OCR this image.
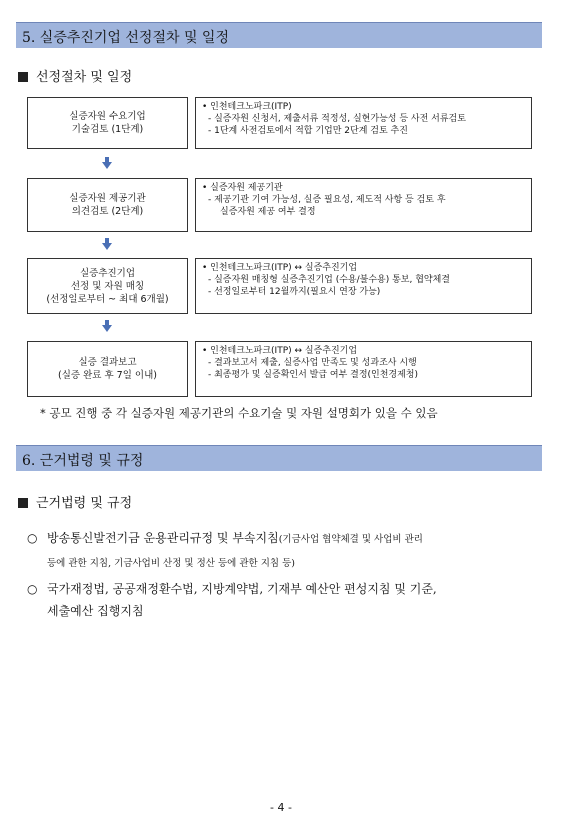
5. 실증추진기업 선정절차 및 일정
선정절차 및 일정
실증자원 수요기업
기술검토 (1단계)
• 인천테크노파크(ITP)
- 실증자원 신청서, 제출서류 적정성, 실현가능성 등 사전 서류검토
- 1단계 사전검토에서 적합 기업만 2단계 검토 추진
실증자원 제공기관
의견검토 (2단계)
• 실증자원 제공기관
- 제공기관 기여 가능성, 실증 필요성, 제도적 사항 등 검토 후
실증자원 제공 여부 결정
실증추진기업
선정 및 자원 매칭
(선정일로부터 ~ 최대 6개월)
• 인천테크노파크(ITP) ↔ 실증추진기업
- 실증자원 매칭형 실증추진기업 (수용/불수용) 통보, 협약체결
- 선정일로부터 12월까지(필요시 연장 가능)
실증 결과보고
(실증 완료 후 7일 이내)
• 인천테크노파크(ITP) ↔ 실증추진기업
- 결과보고서 제출, 실증사업 만족도 및 성과조사 시행
- 최종평가 및 실증확인서 발급 여부 결정(인천경제청)
* 공모 진행 중 각 실증자원 제공기관의 수요기술 및 자원 설명회가 있을 수 있음
6. 근거법령 및 규정
근거법령 및 규정
○ 방송통신발전기금 운용관리규정 및 부속지침(기금사업 협약체결 및 사업비 관리
등에 관한 지침, 기금사업비 산정 및 정산 등에 관한 지침 등)
○ 국가재정법, 공공재정환수법, 지방계약법, 기재부 예산안 편성지침 및 기준,
세출예산 집행지침
- 4 -
